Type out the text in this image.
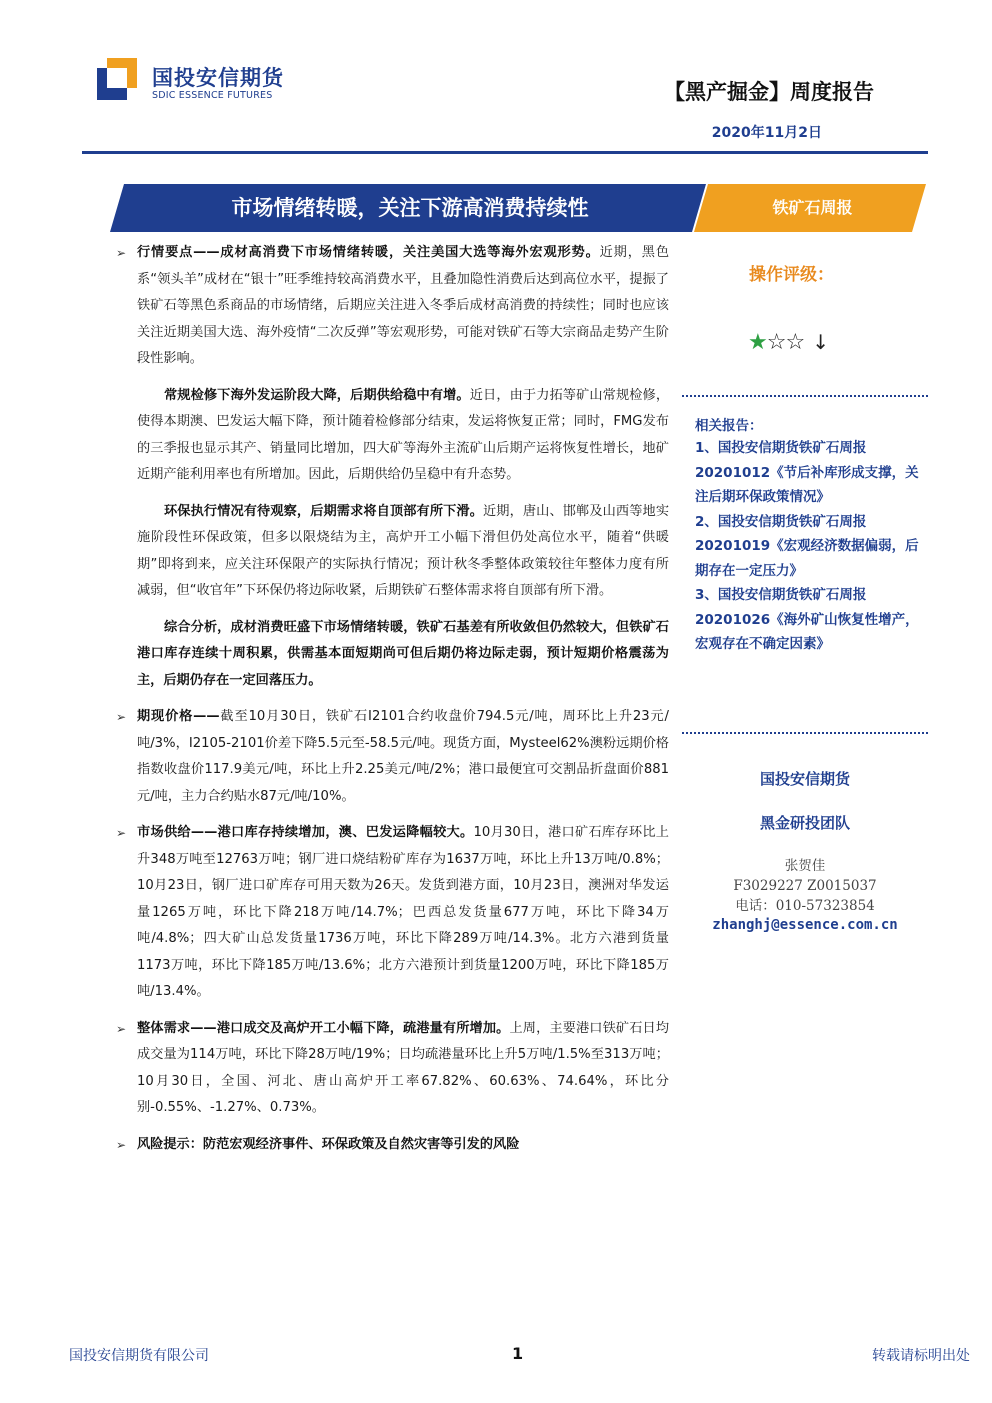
国投安信期货
SDIC ESSENCE FUTURES	【黑产掘金】周度报告
2020年11月2日
市场情绪转暖，关注下游高消费持续性	铁矿石周报
➢ 行情要点——成材高消费下市场情绪转暖，关注美国大选等海外宏观形势。近期，黑色系“领头羊”成材在“银十”旺季维持较高消费水平，且叠加隐性消费后达到高位水平，提振了铁矿石等黑色系商品的市场情绪，后期应关注进入冬季后成材高消费的持续性；同时也应该关注近期美国大选、海外疫情“二次反弹”等宏观形势，可能对铁矿石等大宗商品走势产生阶段性影响。
常规检修下海外发运阶段大降，后期供给稳中有增。近日，由于力拓等矿山常规检修，使得本期澳、巴发运大幅下降，预计随着检修部分结束，发运将恢复正常；同时，FMG发布的三季报也显示其产、销量同比增加，四大矿等海外主流矿山后期产运将恢复性增长，地矿近期产能利用率也有所增加。因此，后期供给仍呈稳中有升态势。
环保执行情况有待观察，后期需求将自顶部有所下滑。近期，唐山、邯郸及山西等地实施阶段性环保政策，但多以限烧结为主，高炉开工小幅下滑但仍处高位水平，随着“供暖期”即将到来，应关注环保限产的实际执行情况；预计秋冬季整体政策较往年整体力度有所减弱，但“收官年”下环保仍将边际收紧，后期铁矿石整体需求将自顶部有所下滑。
综合分析，成材消费旺盛下市场情绪转暖，铁矿石基差有所收敛但仍然较大，但铁矿石港口库存连续十周积累，供需基本面短期尚可但后期仍将边际走弱，预计短期价格震荡为主，后期仍存在一定回落压力。
➢ 期现价格——截至10月30日，铁矿石I2101合约收盘价794.5元/吨，周环比上升23元/吨/3%，I2105-2101价差下降5.5元至-58.5元/吨。现货方面，Mysteel62%澳粉远期价格指数收盘价117.9美元/吨，环比上升2.25美元/吨/2%；港口最便宜可交割品折盘面价881元/吨，主力合约贴水87元/吨/10%。
➢ 市场供给——港口库存持续增加，澳、巴发运降幅较大。10月30日，港口矿石库存环比上升348万吨至12763万吨；钢厂进口烧结粉矿库存为1637万吨，环比上升13万吨/0.8%；10月23日，钢厂进口矿库存可用天数为26天。发货到港方面，10月23日，澳洲对华发运量1265万吨，环比下降218万吨/14.7%；巴西总发货量677万吨，环比下降34万吨/4.8%；四大矿山总发货量1736万吨，环比下降289万吨/14.3%。北方六港到货量1173万吨，环比下降185万吨/13.6%；北方六港预计到货量1200万吨，环比下降185万吨/13.4%。
➢ 整体需求——港口成交及高炉开工小幅下降，疏港量有所增加。上周，主要港口铁矿石日均成交量为114万吨，环比下降28万吨/19%；日均疏港量环比上升5万吨/1.5%至313万吨；10月30日，全国、河北、唐山高炉开工率67.82%、60.63%、74.64%，环比分别-0.55%、-1.27%、0.73%。
➢ 风险提示：防范宏观经济事件、环保政策及自然灾害等引发的风险
操作评级：
★☆☆ ↓
相关报告：
1、国投安信期货铁矿石周报20201012《节后补库形成支撑，关注后期环保政策情况》
2、国投安信期货铁矿石周报20201019《宏观经济数据偏弱，后期存在一定压力》
3、国投安信期货铁矿石周报20201026《海外矿山恢复性增产，宏观存在不确定因素》
国投安信期货
黑金研投团队
张贺佳
F3029227 Z0015037
电话：010-57323854
zhanghj@essence.com.cn
国投安信期货有限公司	1	转载请标明出处
